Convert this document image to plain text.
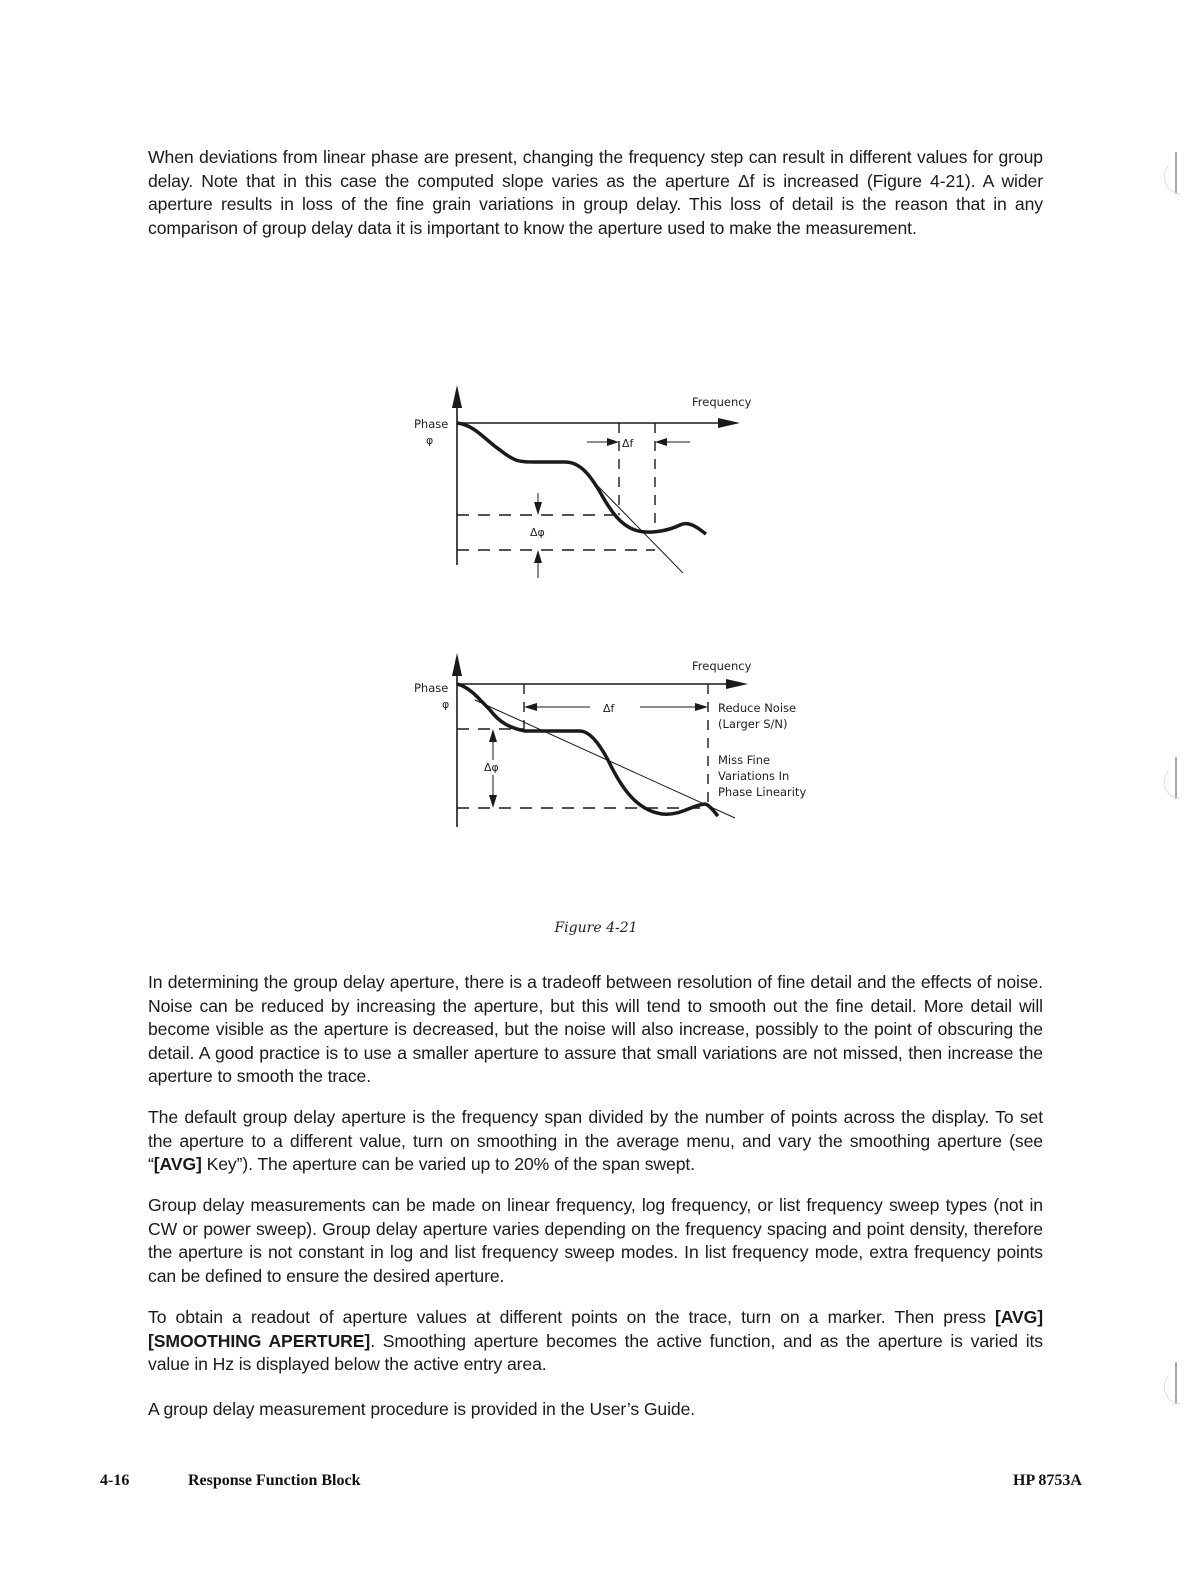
When deviations from linear phase are present, changing the frequency step can result in different values for group delay. Note that in this case the computed slope varies as the aperture Δf is increased (Figure 4-21). A wider aperture results in loss of the fine grain variations in group delay. This loss of detail is the reason that in any comparison of group delay data it is important to know the aperture used to make the measurement.

Frequency
Phase
φ	Δf
Δφ
Frequency
Phase
φ	Δf
Δφ
Reduce Noise
(Larger S/N)
Miss Fine
Variations In
Phase Linearity
Figure 4-21

In determining the group delay aperture, there is a tradeoff between resolution of fine detail and the effects of noise. Noise can be reduced by increasing the aperture, but this will tend to smooth out the fine detail. More detail will become visible as the aperture is decreased, but the noise will also increase, possibly to the point of obscuring the detail. A good practice is to use a smaller aperture to assure that small variations are not missed, then increase the aperture to smooth the trace.

The default group delay aperture is the frequency span divided by the number of points across the display. To set the aperture to a different value, turn on smoothing in the average menu, and vary the smoothing aperture (see “[AVG] Key”). The aperture can be varied up to 20% of the span swept.

Group delay measurements can be made on linear frequency, log frequency, or list frequency sweep types (not in CW or power sweep). Group delay aperture varies depending on the frequency spacing and point density, therefore the aperture is not constant in log and list frequency sweep modes. In list frequency mode, extra frequency points can be defined to ensure the desired aperture.

To obtain a readout of aperture values at different points on the trace, turn on a marker. Then press [AVG] [SMOOTHING APERTURE]. Smoothing aperture becomes the active function, and as the aperture is varied its value in Hz is displayed below the active entry area.

A group delay measurement procedure is provided in the User’s Guide.

4-16	Response Function Block	HP 8753A
